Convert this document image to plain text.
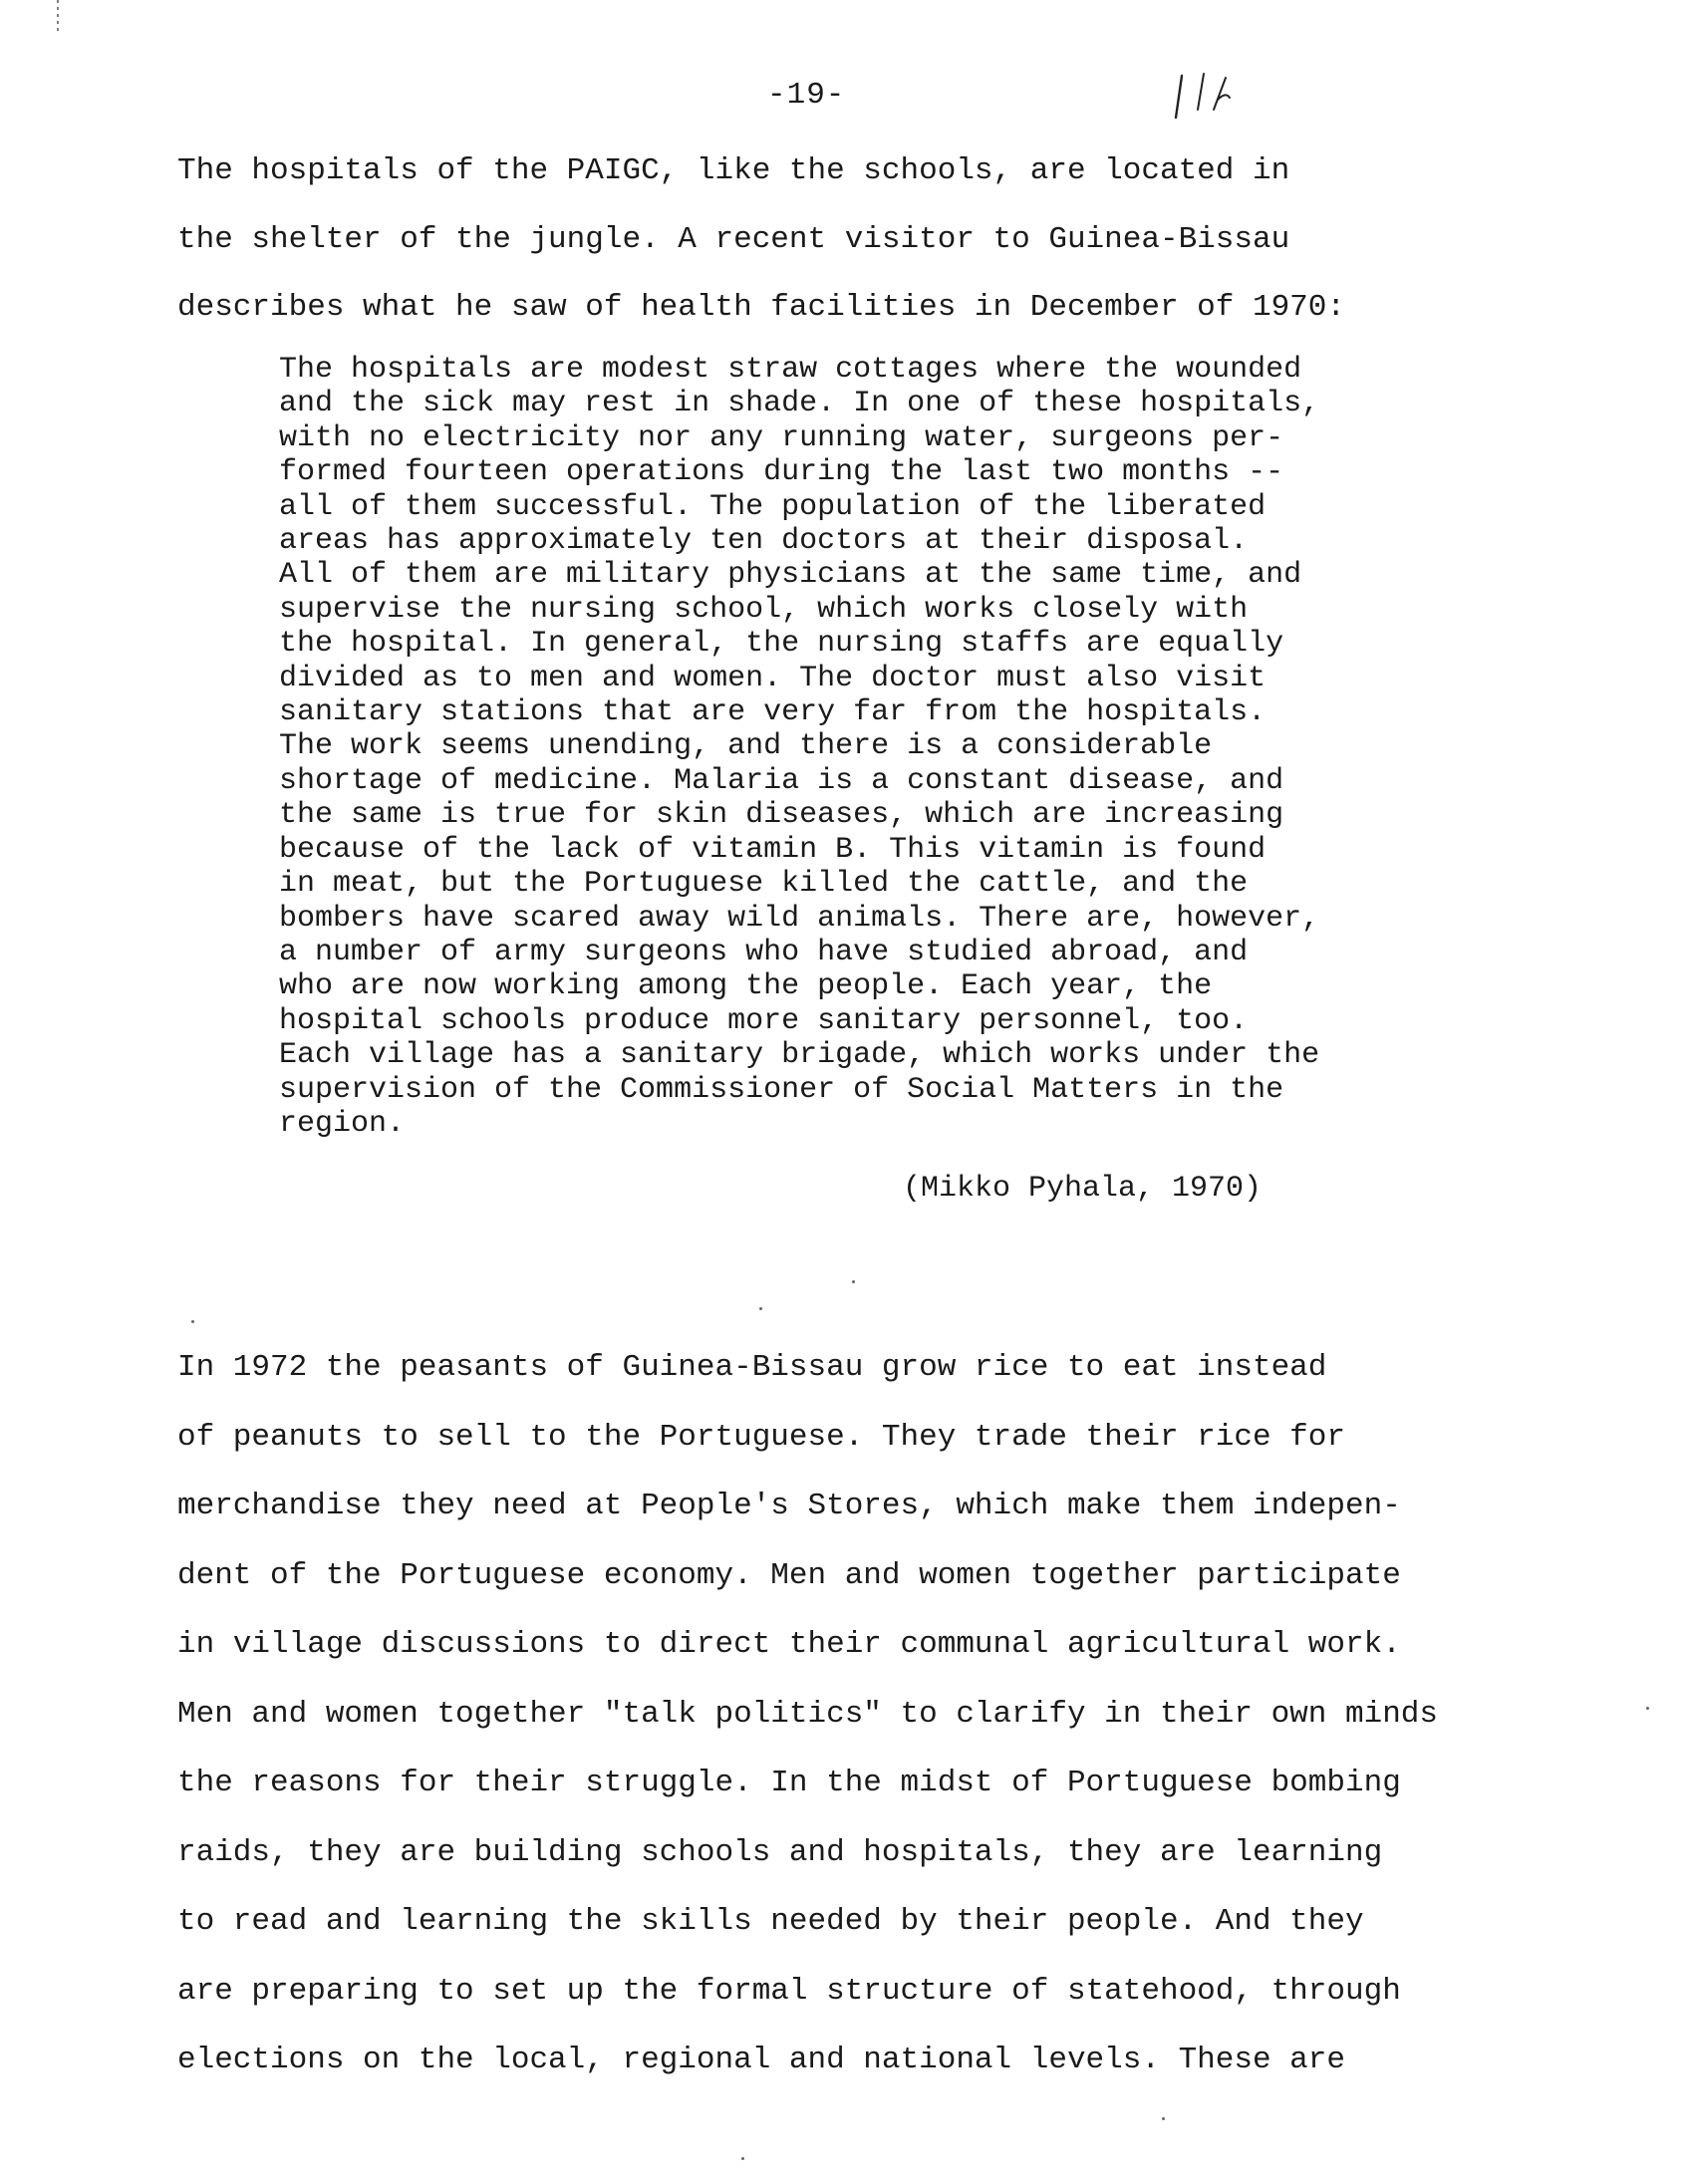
-19-

The hospitals of the PAIGC, like the schools, are located in
the shelter of the jungle. A recent visitor to Guinea-Bissau
describes what he saw of health facilities in December of 1970:

The hospitals are modest straw cottages where the wounded
and the sick may rest in shade. In one of these hospitals,
with no electricity nor any running water, surgeons per-
formed fourteen operations during the last two months --
all of them successful. The population of the liberated
areas has approximately ten doctors at their disposal.
All of them are military physicians at the same time, and
supervise the nursing school, which works closely with
the hospital. In general, the nursing staffs are equally
divided as to men and women. The doctor must also visit
sanitary stations that are very far from the hospitals.
The work seems unending, and there is a considerable
shortage of medicine. Malaria is a constant disease, and
the same is true for skin diseases, which are increasing
because of the lack of vitamin B. This vitamin is found
in meat, but the Portuguese killed the cattle, and the
bombers have scared away wild animals. There are, however,
a number of army surgeons who have studied abroad, and
who are now working among the people. Each year, the
hospital schools produce more sanitary personnel, too.
Each village has a sanitary brigade, which works under the
supervision of the Commissioner of Social Matters in the
region.

(Mikko Pyhala, 1970)

In 1972 the peasants of Guinea-Bissau grow rice to eat instead
of peanuts to sell to the Portuguese. They trade their rice for
merchandise they need at People's Stores, which make them indepen-
dent of the Portuguese economy. Men and women together participate
in village discussions to direct their communal agricultural work.
Men and women together "talk politics" to clarify in their own minds
the reasons for their struggle. In the midst of Portuguese bombing
raids, they are building schools and hospitals, they are learning
to read and learning the skills needed by their people. And they
are preparing to set up the formal structure of statehood, through
elections on the local, regional and national levels. These are
